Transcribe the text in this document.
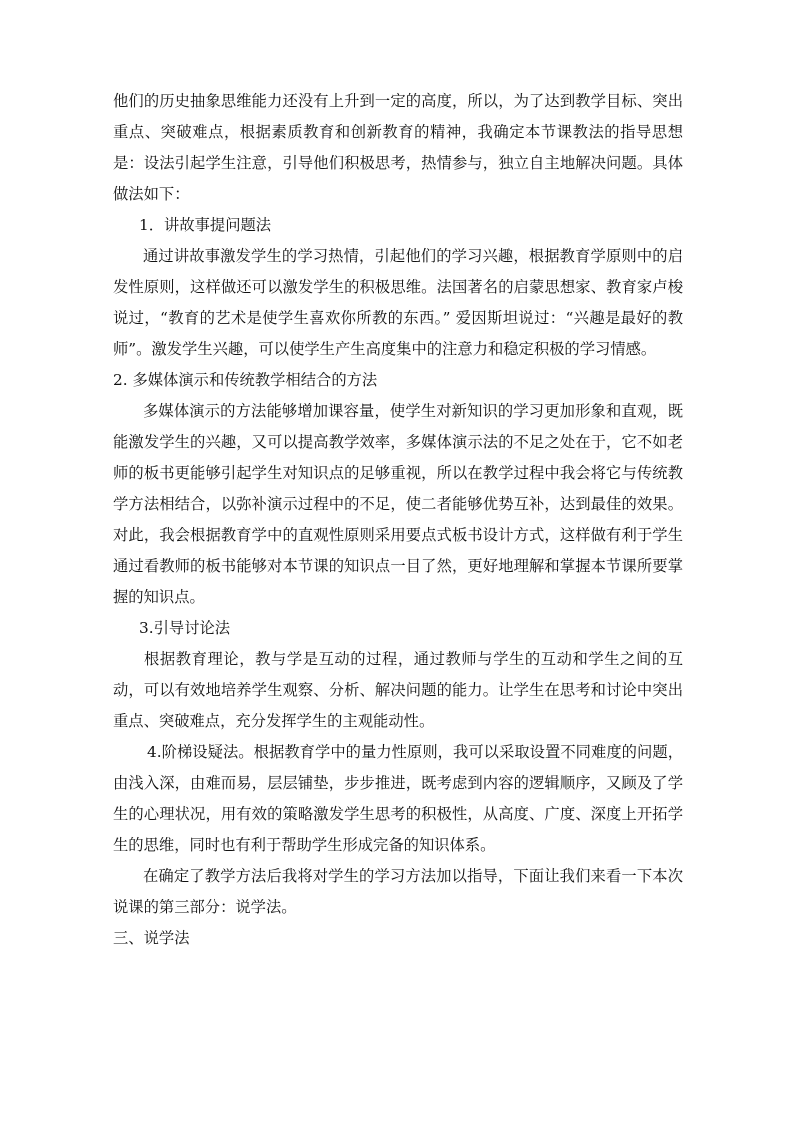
他们的历史抽象思维能力还没有上升到一定的高度，所以，为了达到教学目标、突出重点、突破难点，根据素质教育和创新教育的精神，我确定本节课教法的指导思想是：设法引起学生注意，引导他们积极思考，热情参与，独立自主地解决问题。具体做法如下：

1．讲故事提问题法

通过讲故事激发学生的学习热情，引起他们的学习兴趣，根据教育学原则中的启发性原则，这样做还可以激发学生的积极思维。法国著名的启蒙思想家、教育家卢梭说过，“教育的艺术是使学生喜欢你所教的东西。” 爱因斯坦说过：“兴趣是最好的教师”。激发学生兴趣，可以使学生产生高度集中的注意力和稳定积极的学习情感。

2. 多媒体演示和传统教学相结合的方法

多媒体演示的方法能够增加课容量，使学生对新知识的学习更加形象和直观，既能激发学生的兴趣，又可以提高教学效率，多媒体演示法的不足之处在于，它不如老师的板书更能够引起学生对知识点的足够重视，所以在教学过程中我会将它与传统教学方法相结合，以弥补演示过程中的不足，使二者能够优势互补，达到最佳的效果。对此，我会根据教育学中的直观性原则采用要点式板书设计方式，这样做有利于学生通过看教师的板书能够对本节课的知识点一目了然，更好地理解和掌握本节课所要掌握的知识点。

3.引导讨论法

根据教育理论，教与学是互动的过程，通过教师与学生的互动和学生之间的互动，可以有效地培养学生观察、分析、解决问题的能力。让学生在思考和讨论中突出重点、突破难点，充分发挥学生的主观能动性。

4.阶梯设疑法。根据教育学中的量力性原则，我可以采取设置不同难度的问题，由浅入深，由难而易，层层铺垫，步步推进，既考虑到内容的逻辑顺序，又顾及了学生的心理状况，用有效的策略激发学生思考的积极性，从高度、广度、深度上开拓学生的思维，同时也有利于帮助学生形成完备的知识体系。

在确定了教学方法后我将对学生的学习方法加以指导，下面让我们来看一下本次说课的第三部分：说学法。

三、说学法
